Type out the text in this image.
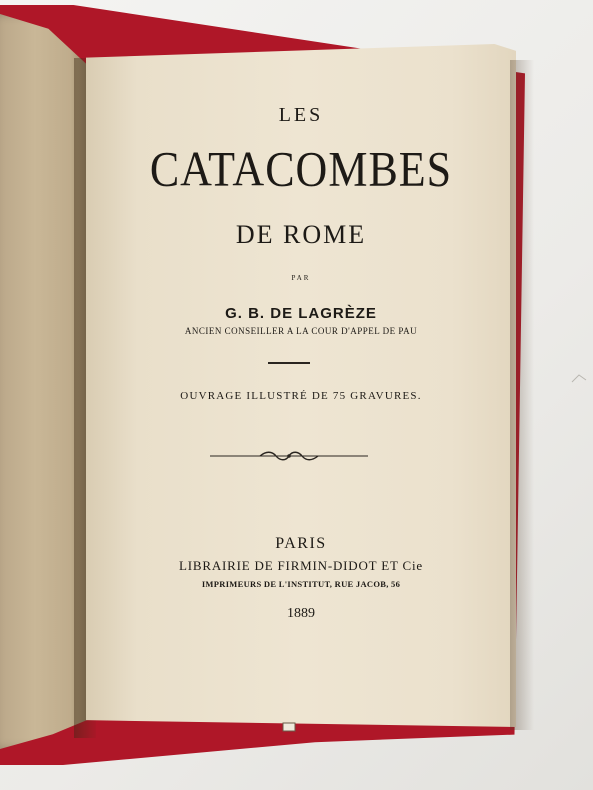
LES
CATACOMBES
DE ROME
PAR
G. B. DE LAGRÈZE
ANCIEN CONSEILLER A LA COUR D'APPEL DE PAU
OUVRAGE ILLUSTRÉ DE 75 GRAVURES.
PARIS
LIBRAIRIE DE FIRMIN-DIDOT ET Cie
IMPRIMEURS DE L'INSTITUT, RUE JACOB, 56
1889
